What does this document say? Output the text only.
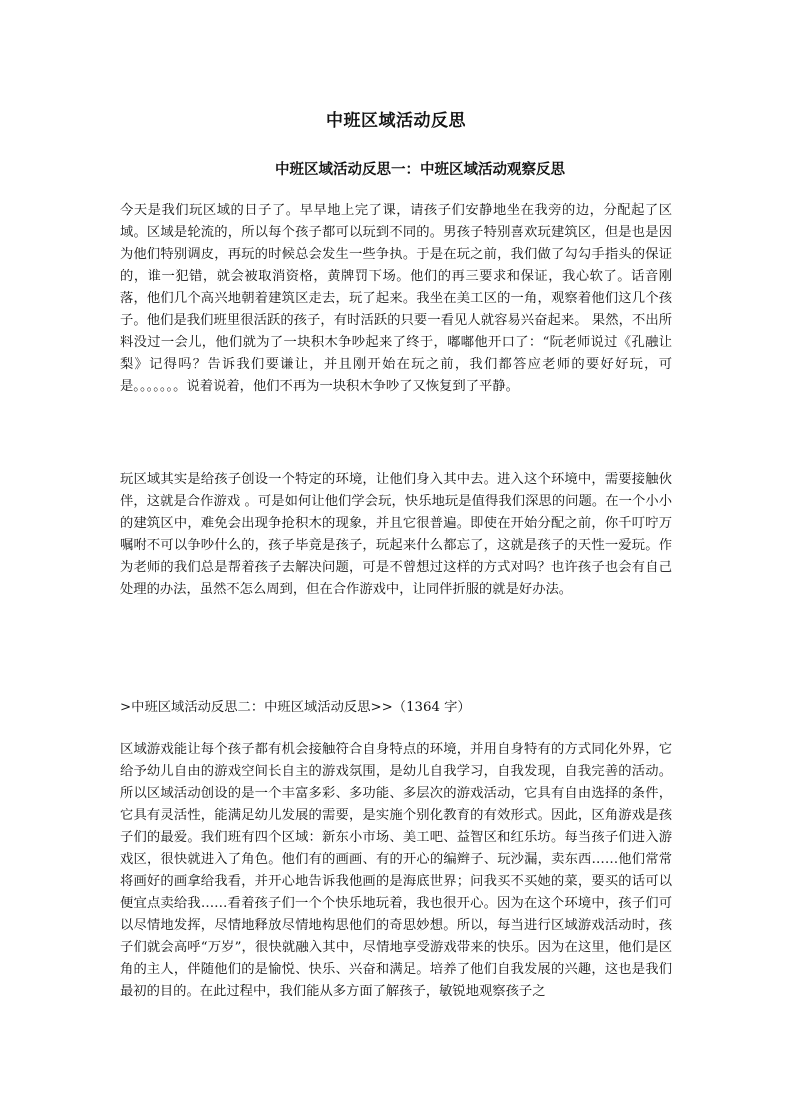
中班区域活动反思
中班区域活动反思一：中班区域活动观察反思

今天是我们玩区域的日子了。早早地上完了课，请孩子们安静地坐在我旁的边，分配起了区域。区域是轮流的，所以每个孩子都可以玩到不同的。男孩子特别喜欢玩建筑区，但是也是因为他们特别调皮，再玩的时候总会发生一些争执。于是在玩之前，我们做了勾勾手指头的保证的，谁一犯错，就会被取消资格，黄牌罚下场。他们的再三要求和保证，我心软了。话音刚落，他们几个高兴地朝着建筑区走去，玩了起来。我坐在美工区的一角，观察着他们这几个孩子。他们是我们班里很活跃的孩子，有时活跃的只要一看见人就容易兴奋起来。 果然，不出所料没过一会儿，他们就为了一块积木争吵起来了终于，嘟嘟他开口了：“阮老师说过《孔融让梨》记得吗？告诉我们要谦让，并且刚开始在玩之前，我们都答应老师的要好好玩，可是。。。。。。。说着说着，他们不再为一块积木争吵了又恢复到了平静。

玩区域其实是给孩子创设一个特定的环境，让他们身入其中去。进入这个环境中，需要接触伙伴，这就是合作游戏 。可是如何让他们学会玩，快乐地玩是值得我们深思的问题。在一个小小的建筑区中，难免会出现争抢积木的现象，并且它很普遍。即使在开始分配之前，你千叮咛万嘱咐不可以争吵什么的，孩子毕竟是孩子，玩起来什么都忘了，这就是孩子的天性一爱玩。作为老师的我们总是帮着孩子去解决问题，可是不曾想过这样的方式对吗？也许孩子也会有自己处理的办法，虽然不怎么周到，但在合作游戏中，让同伴折服的就是好办法。

>中班区域活动反思二：中班区域活动反思>>（1364 字）

区域游戏能让每个孩子都有机会接触符合自身特点的环境，并用自身特有的方式同化外界，它给予幼儿自由的游戏空间长自主的游戏氛围，是幼儿自我学习，自我发现，自我完善的活动。所以区域活动创设的是一个丰富多彩、多功能、多层次的游戏活动，它具有自由选择的条件，它具有灵活性，能满足幼儿发展的需要，是实施个别化教育的有效形式。因此，区角游戏是孩子们的最爱。我们班有四个区域：新东小市场、美工吧、益智区和红乐坊。每当孩子们进入游戏区，很快就进入了角色。他们有的画画、有的开心的编辫子、玩沙漏，卖东西……他们常常将画好的画拿给我看，并开心地告诉我他画的是海底世界；问我买不买她的菜，要买的话可以便宜点卖给我……看着孩子们一个个快乐地玩着，我也很开心。因为在这个环境中，孩子们可以尽情地发挥，尽情地释放尽情地构思他们的奇思妙想。所以，每当进行区域游戏活动时，孩子们就会高呼“万岁”，很快就融入其中，尽情地享受游戏带来的快乐。因为在这里，他们是区角的主人，伴随他们的是愉悦、快乐、兴奋和满足。培养了他们自我发展的兴趣，这也是我们最初的目的。在此过程中，我们能从多方面了解孩子，敏锐地观察孩子之
